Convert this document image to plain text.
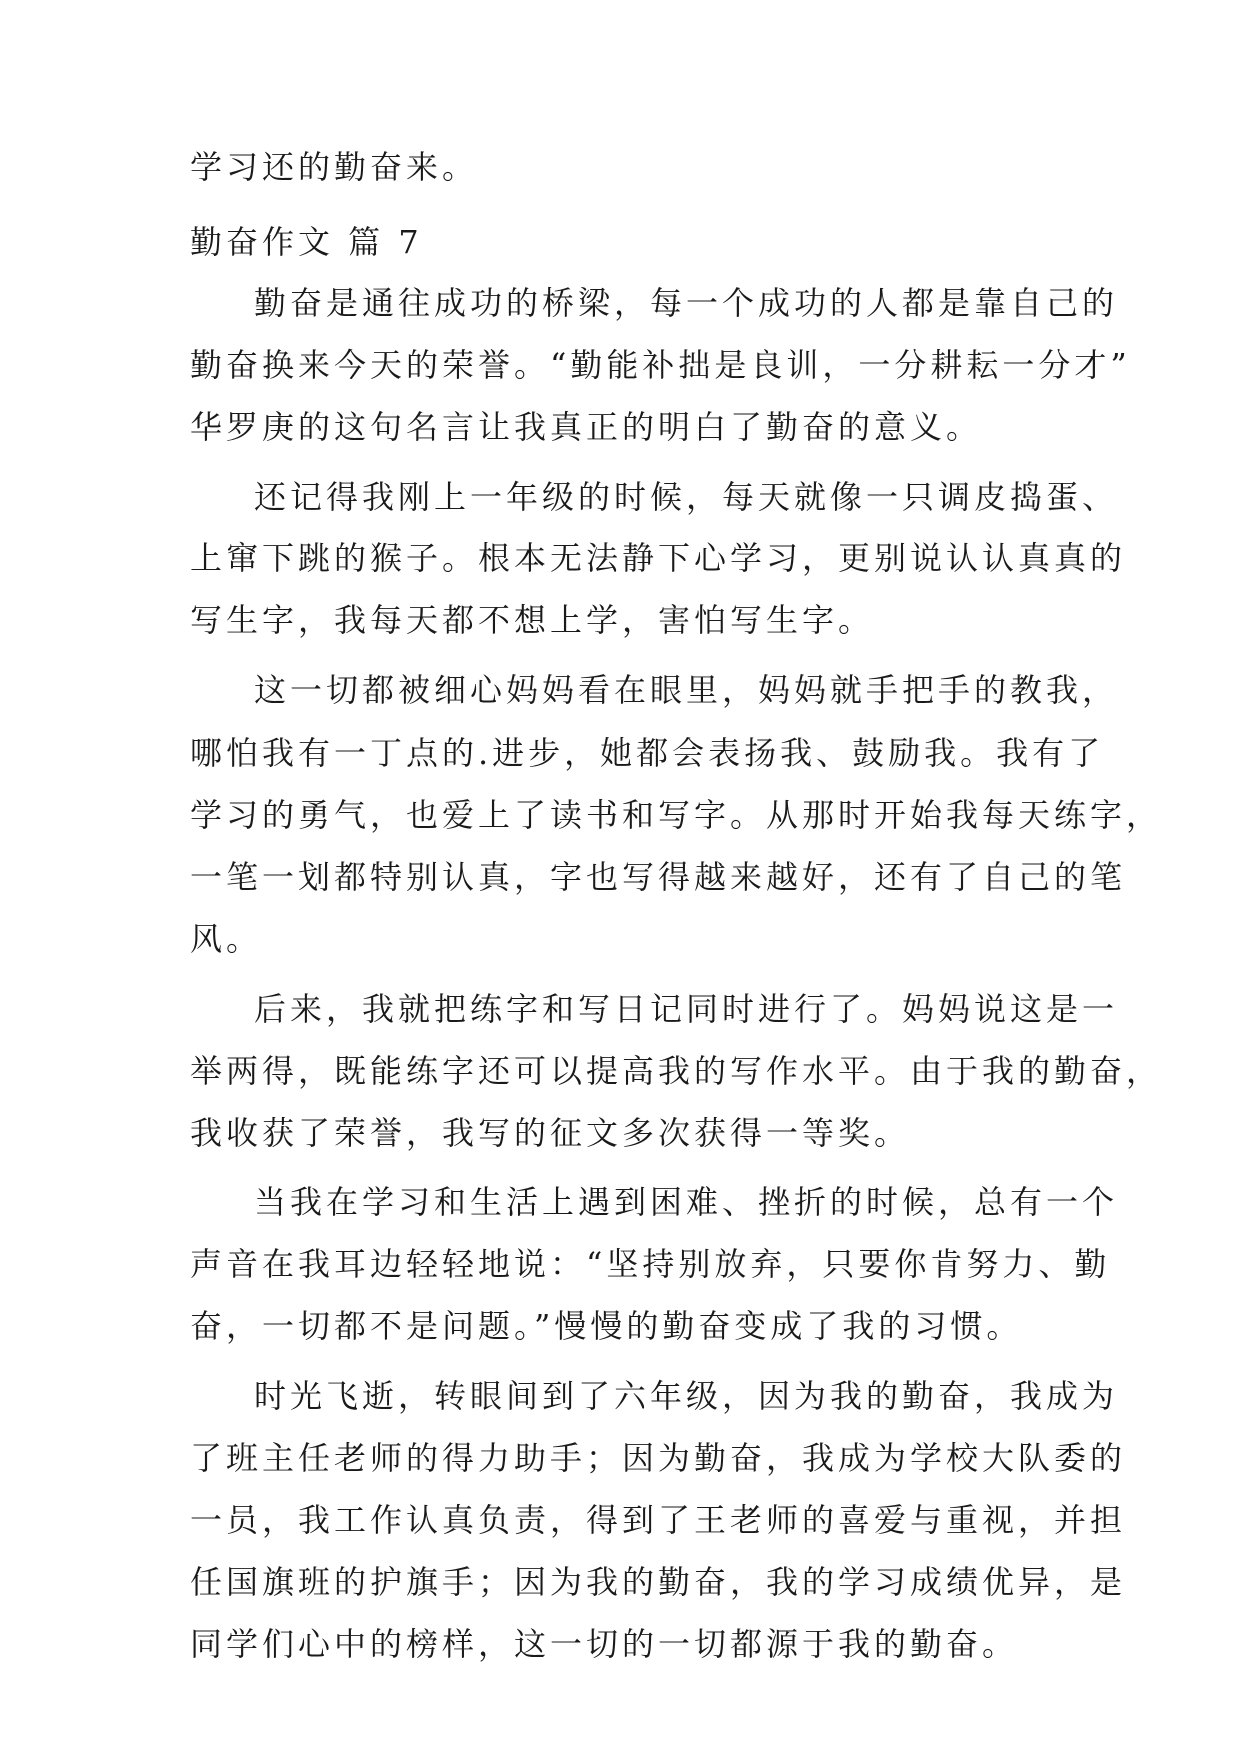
学习还的勤奋来。
勤奋作文 篇 7
勤奋是通往成功的桥梁，每一个成功的人都是靠自己的
勤奋换来今天的荣誉。“勤能补拙是良训，一分耕耘一分才”
华罗庚的这句名言让我真正的明白了勤奋的意义。
还记得我刚上一年级的时候，每天就像一只调皮捣蛋、
上窜下跳的猴子。根本无法静下心学习，更别说认认真真的
写生字，我每天都不想上学，害怕写生字。
这一切都被细心妈妈看在眼里，妈妈就手把手的教我，
哪怕我有一丁点的.进步，她都会表扬我、鼓励我。我有了
学习的勇气，也爱上了读书和写字。从那时开始我每天练字，
一笔一划都特别认真，字也写得越来越好，还有了自己的笔
风。
后来，我就把练字和写日记同时进行了。妈妈说这是一
举两得，既能练字还可以提高我的写作水平。由于我的勤奋，
我收获了荣誉，我写的征文多次获得一等奖。
当我在学习和生活上遇到困难、挫折的时候，总有一个
声音在我耳边轻轻地说：“坚持别放弃，只要你肯努力、勤
奋，一切都不是问题。”慢慢的勤奋变成了我的习惯。
时光飞逝，转眼间到了六年级，因为我的勤奋，我成为
了班主任老师的得力助手；因为勤奋，我成为学校大队委的
一员，我工作认真负责，得到了王老师的喜爱与重视，并担
任国旗班的护旗手；因为我的勤奋，我的学习成绩优异，是
同学们心中的榜样，这一切的一切都源于我的勤奋。
